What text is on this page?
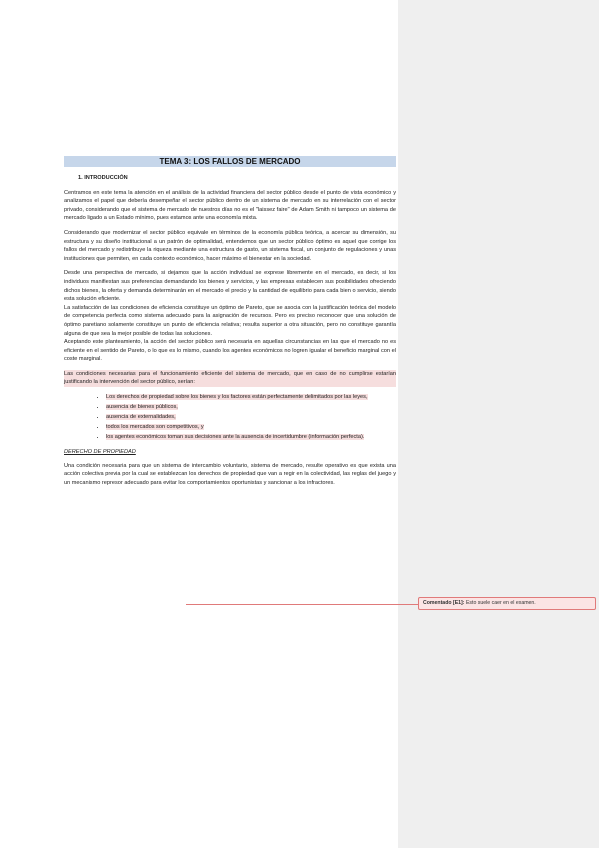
TEMA 3: LOS FALLOS DE MERCADO
1. INTRODUCCIÓN

Centramos en este tema la atención en el análisis de la actividad financiera del sector público desde el punto de vista económico y analizamos el papel que debería desempeñar el sector público dentro de un sistema de mercado en su interrelación con el sector privado, considerando que el sistema de mercado de nuestros días no es el "laissez faire" de Adam Smith ni tampoco un sistema de mercado ligado a un Estado mínimo, pues estamos ante una economía mixta.

Considerando que modernizar el sector público equivale en términos de la economía pública teórica, a acercar su dimensión, su estructura y su diseño institucional a un patrón de optimalidad, entendemos que un sector público óptimo es aquel que corrige los fallos del mercado y redistribuye la riqueza mediante una estructura de gasto, un sistema fiscal, un conjunto de regulaciones y unas instituciones que permiten, en cada contexto económico, hacer máximo el bienestar en la sociedad.

Desde una perspectiva de mercado, si dejamos que la acción individual se exprese libremente en el mercado, es decir, si los individuos manifiestan sus preferencias demandando los bienes y servicios, y las empresas establecen sus posibilidades ofreciendo dichos bienes, la oferta y demanda determinarán en el mercado el precio y la cantidad de equilibrio para cada bien o servicio, siendo esta solución eficiente.

La satisfacción de las condiciones de eficiencia constituye un óptimo de Pareto, que se asocia con la justificación teórica del modelo de competencia perfecta como sistema adecuado para la asignación de recursos. Pero es preciso reconocer que una solución de óptimo paretiano solamente constituye un punto de eficiencia relativa; resulta superior a otra situación, pero no constituye garantía alguna de que sea la mejor posible de todas las soluciones.

Aceptando este planteamiento, la acción del sector público será necesaria en aquellas circunstancias en las que el mercado no es eficiente en el sentido de Pareto, o lo que es lo mismo, cuando los agentes económicos no logren igualar el beneficio marginal con el coste marginal.

Las condiciones necesarias para el funcionamiento eficiente del sistema de mercado, que en caso de no cumplirse estarían justificando la intervención del sector público, serían:

• Los derechos de propiedad sobre los bienes y los factores están perfectamente delimitados por las leyes,
• ausencia de bienes públicos,
• ausencia de externalidades,
• todos los mercados son competitivos, y
• los agentes económicos toman sus decisiones ante la ausencia de incertidumbre (información perfecta).
DERECHO DE PROPIEDAD

Una condición necesaria para que un sistema de intercambio voluntario, sistema de mercado, resulte operativo es que exista una acción colectiva previa por la cual se establezcan los derechos de propiedad que van a regir en la colectividad, las reglas del juego y un mecanismo represor adecuado para evitar los comportamientos oportunistas y sancionar a los infractores.

Comentado [E1]: Esto suele caer en el examen.
